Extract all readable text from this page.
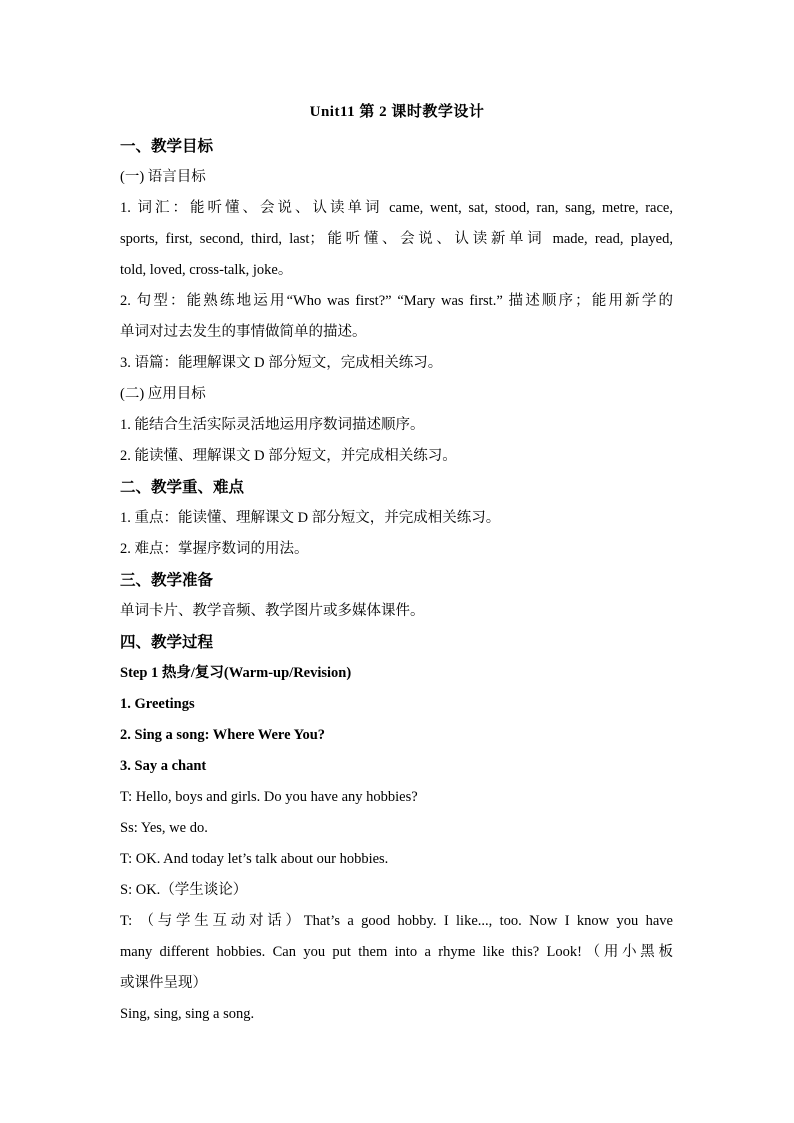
Unit11 第 2 课时教学设计
一、教学目标
(一) 语言目标
1. 词汇：能听懂、会说、认读单词 came, went, sat, stood, ran, sang, metre, race,
sports, first, second, third, last；能听懂、会说、认读新单词 made, read, played,
told, loved, cross-talk, joke。
2. 句型：能熟练地运用“Who was first?” “Mary was first.” 描述顺序；能用新学的
单词对过去发生的事情做简单的描述。
3. 语篇：能理解课文 D 部分短文，完成相关练习。
(二) 应用目标
1. 能结合生活实际灵活地运用序数词描述顺序。
2. 能读懂、理解课文 D 部分短文，并完成相关练习。
二、教学重、难点
1. 重点：能读懂、理解课文 D 部分短文，并完成相关练习。
2. 难点：掌握序数词的用法。
三、教学准备
单词卡片、教学音频、教学图片或多媒体课件。
四、教学过程
Step 1 热身/复习(Warm-up/Revision)
1. Greetings
2. Sing a song: Where Were You?
3. Say a chant
T: Hello, boys and girls. Do you have any hobbies?
Ss: Yes, we do.
T: OK. And today let’s talk about our hobbies.
S: OK.（学生谈论）
T: （与学生互动对话）That’s a good hobby. I like..., too. Now I know you have
many different hobbies. Can you put them into a rhyme like this? Look!（用小黑板
或课件呈现）
Sing, sing, sing a song.
